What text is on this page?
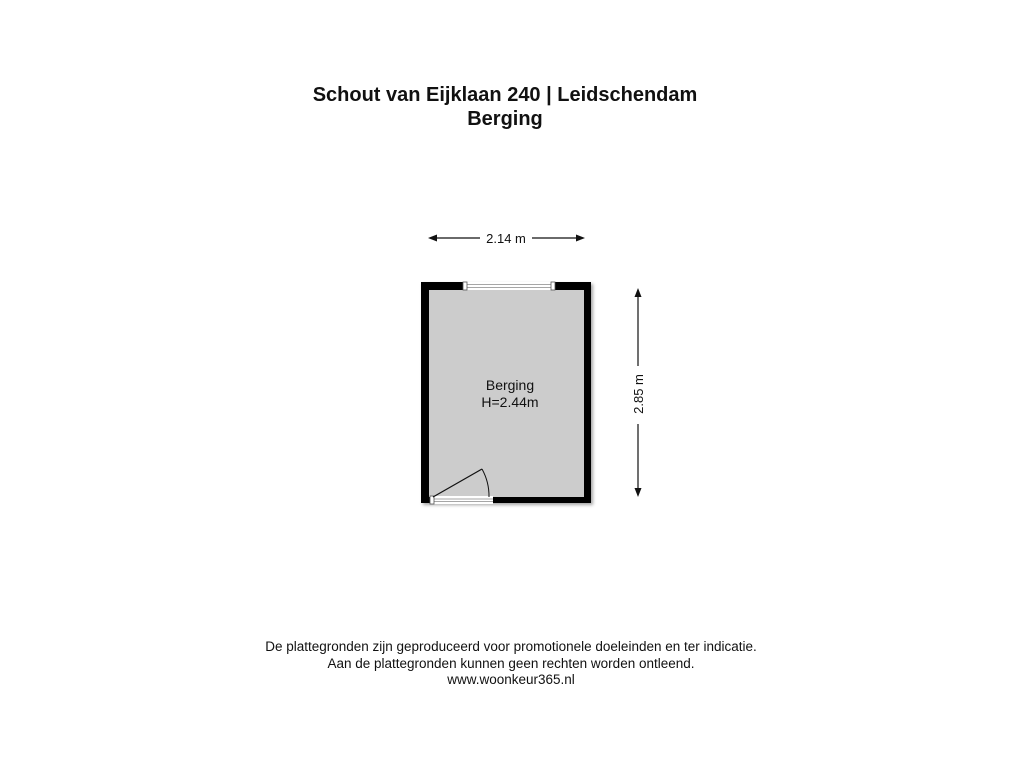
Schout van Eijklaan 240 | Leidschendam
Berging
2.14 m
2.85 m
Berging
H=2.44m
De plattegronden zijn geproduceerd voor promotionele doeleinden en ter indicatie.
Aan de plattegronden kunnen geen rechten worden ontleend.
www.woonkeur365.nl
